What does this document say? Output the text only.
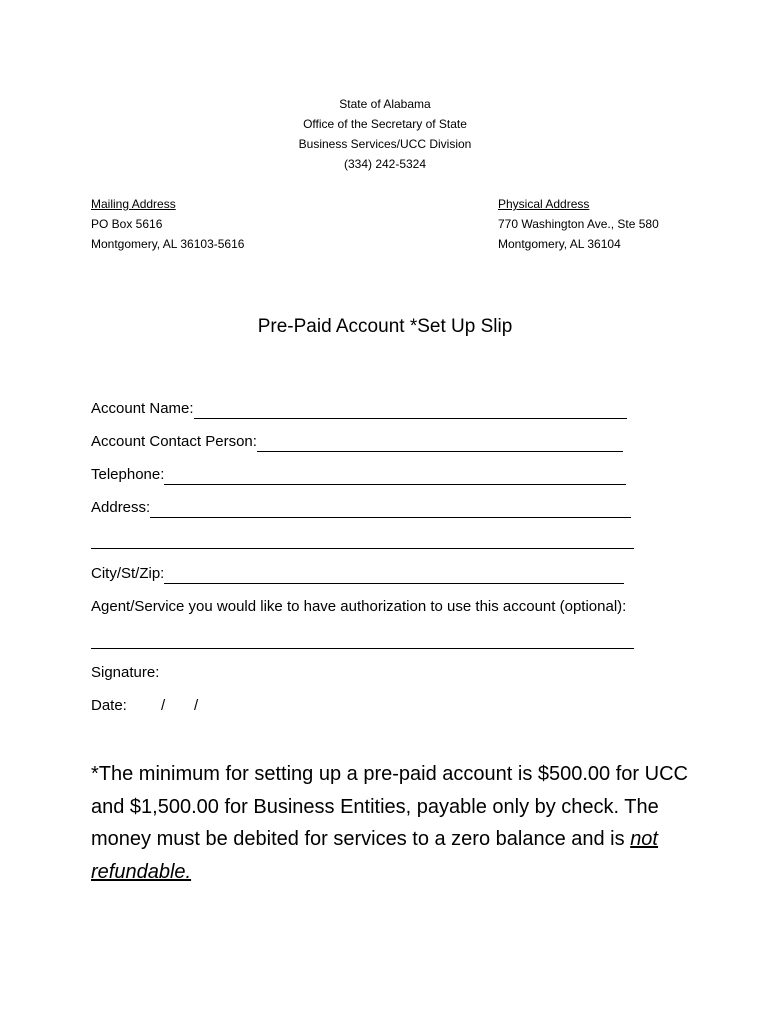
State of Alabama
Office of the Secretary of State
Business Services/UCC Division
(334) 242-5324
Mailing Address
PO Box 5616
Montgomery, AL 36103-5616
Physical Address
770 Washington Ave., Ste 580
Montgomery, AL 36104
Pre-Paid Account *Set Up Slip
Account Name:
Account Contact Person:
Telephone:
Address:
City/St/Zip:
Agent/Service you would like to have authorization to use this account (optional):
Signature:
Date: / /
*The minimum for setting up a pre-paid account is $500.00 for UCC and $1,500.00 for Business Entities, payable only by check. The money must be debited for services to a zero balance and is not refundable.
